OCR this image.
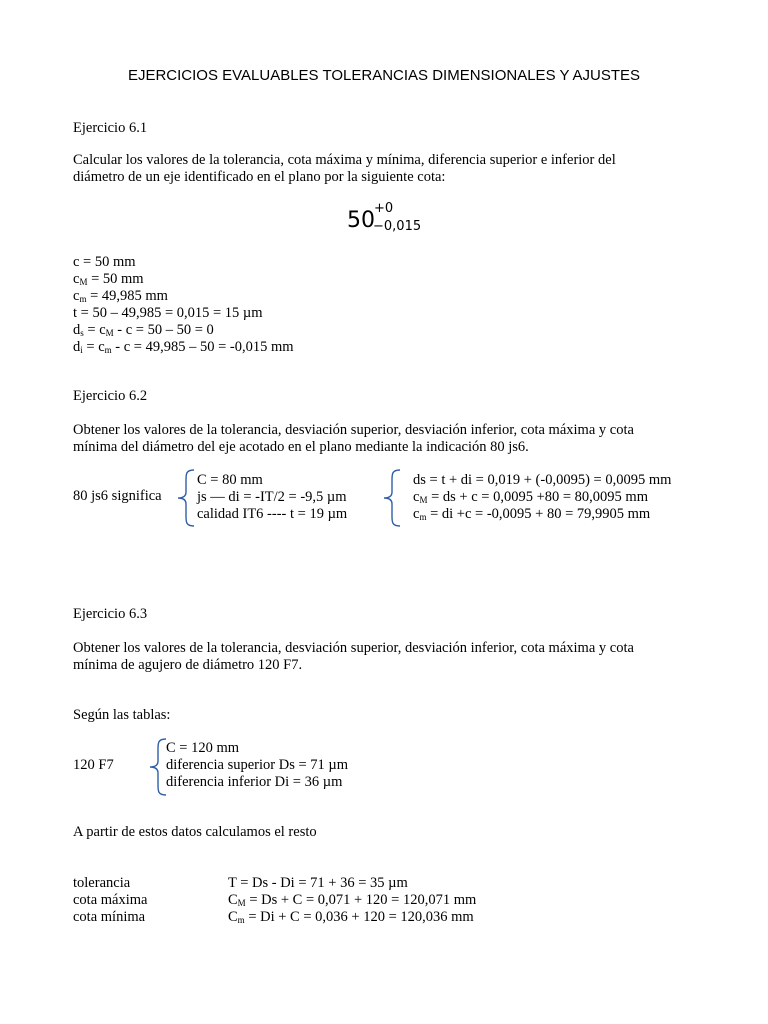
EJERCICIOS EVALUABLES TOLERANCIAS DIMENSIONALES Y AJUSTES
Ejercicio 6.1
Calcular los valores de la tolerancia, cota máxima y mínima, diferencia superior e inferior del
diámetro de un eje identificado en el plano por la siguiente cota:
50 +0
−0,015
c = 50 mm
$c_M = 50$ mm
$c_m = 49,985$ mm
t = 50 – 49,985 = 0,015 = 15 µm
$d_s = c_M - c = 50 - 50 = 0$
$d_i = c_m - c = 49,985 - 50 = -0,015$ mm
Ejercicio 6.2
Obtener los valores de la tolerancia, desviación superior, desviación inferior, cota máxima y cota
mínima del diámetro del eje acotado en el plano mediante la indicación 80 js6.
80 js6 significa
C = 80 mm
js — di = -IT/2 = -9,5 µm
calidad IT6 ---- t = 19 µm
ds = t + di = 0,019 + (-0,0095) = 0,0095 mm
$c_M$ = ds + c = 0,0095 +80 = 80,0095 mm
$c_m$ = di +c = -0,0095 + 80 = 79,9905 mm
Ejercicio 6.3
Obtener los valores de la tolerancia, desviación superior, desviación inferior, cota máxima y cota
mínima de agujero de diámetro 120 F7.
Según las tablas:
120 F7
C = 120 mm
diferencia superior Ds = 71 µm
diferencia inferior Di = 36 µm
A partir de estos datos calculamos el resto
tolerancia
cota máxima
cota mínima
T = Ds - Di = 71 + 36 = 35 µm
$C_M = Ds + C = 0,071 + 120 = 120,071$ mm
$C_m = Di + C = 0,036 + 120 = 120,036$ mm
